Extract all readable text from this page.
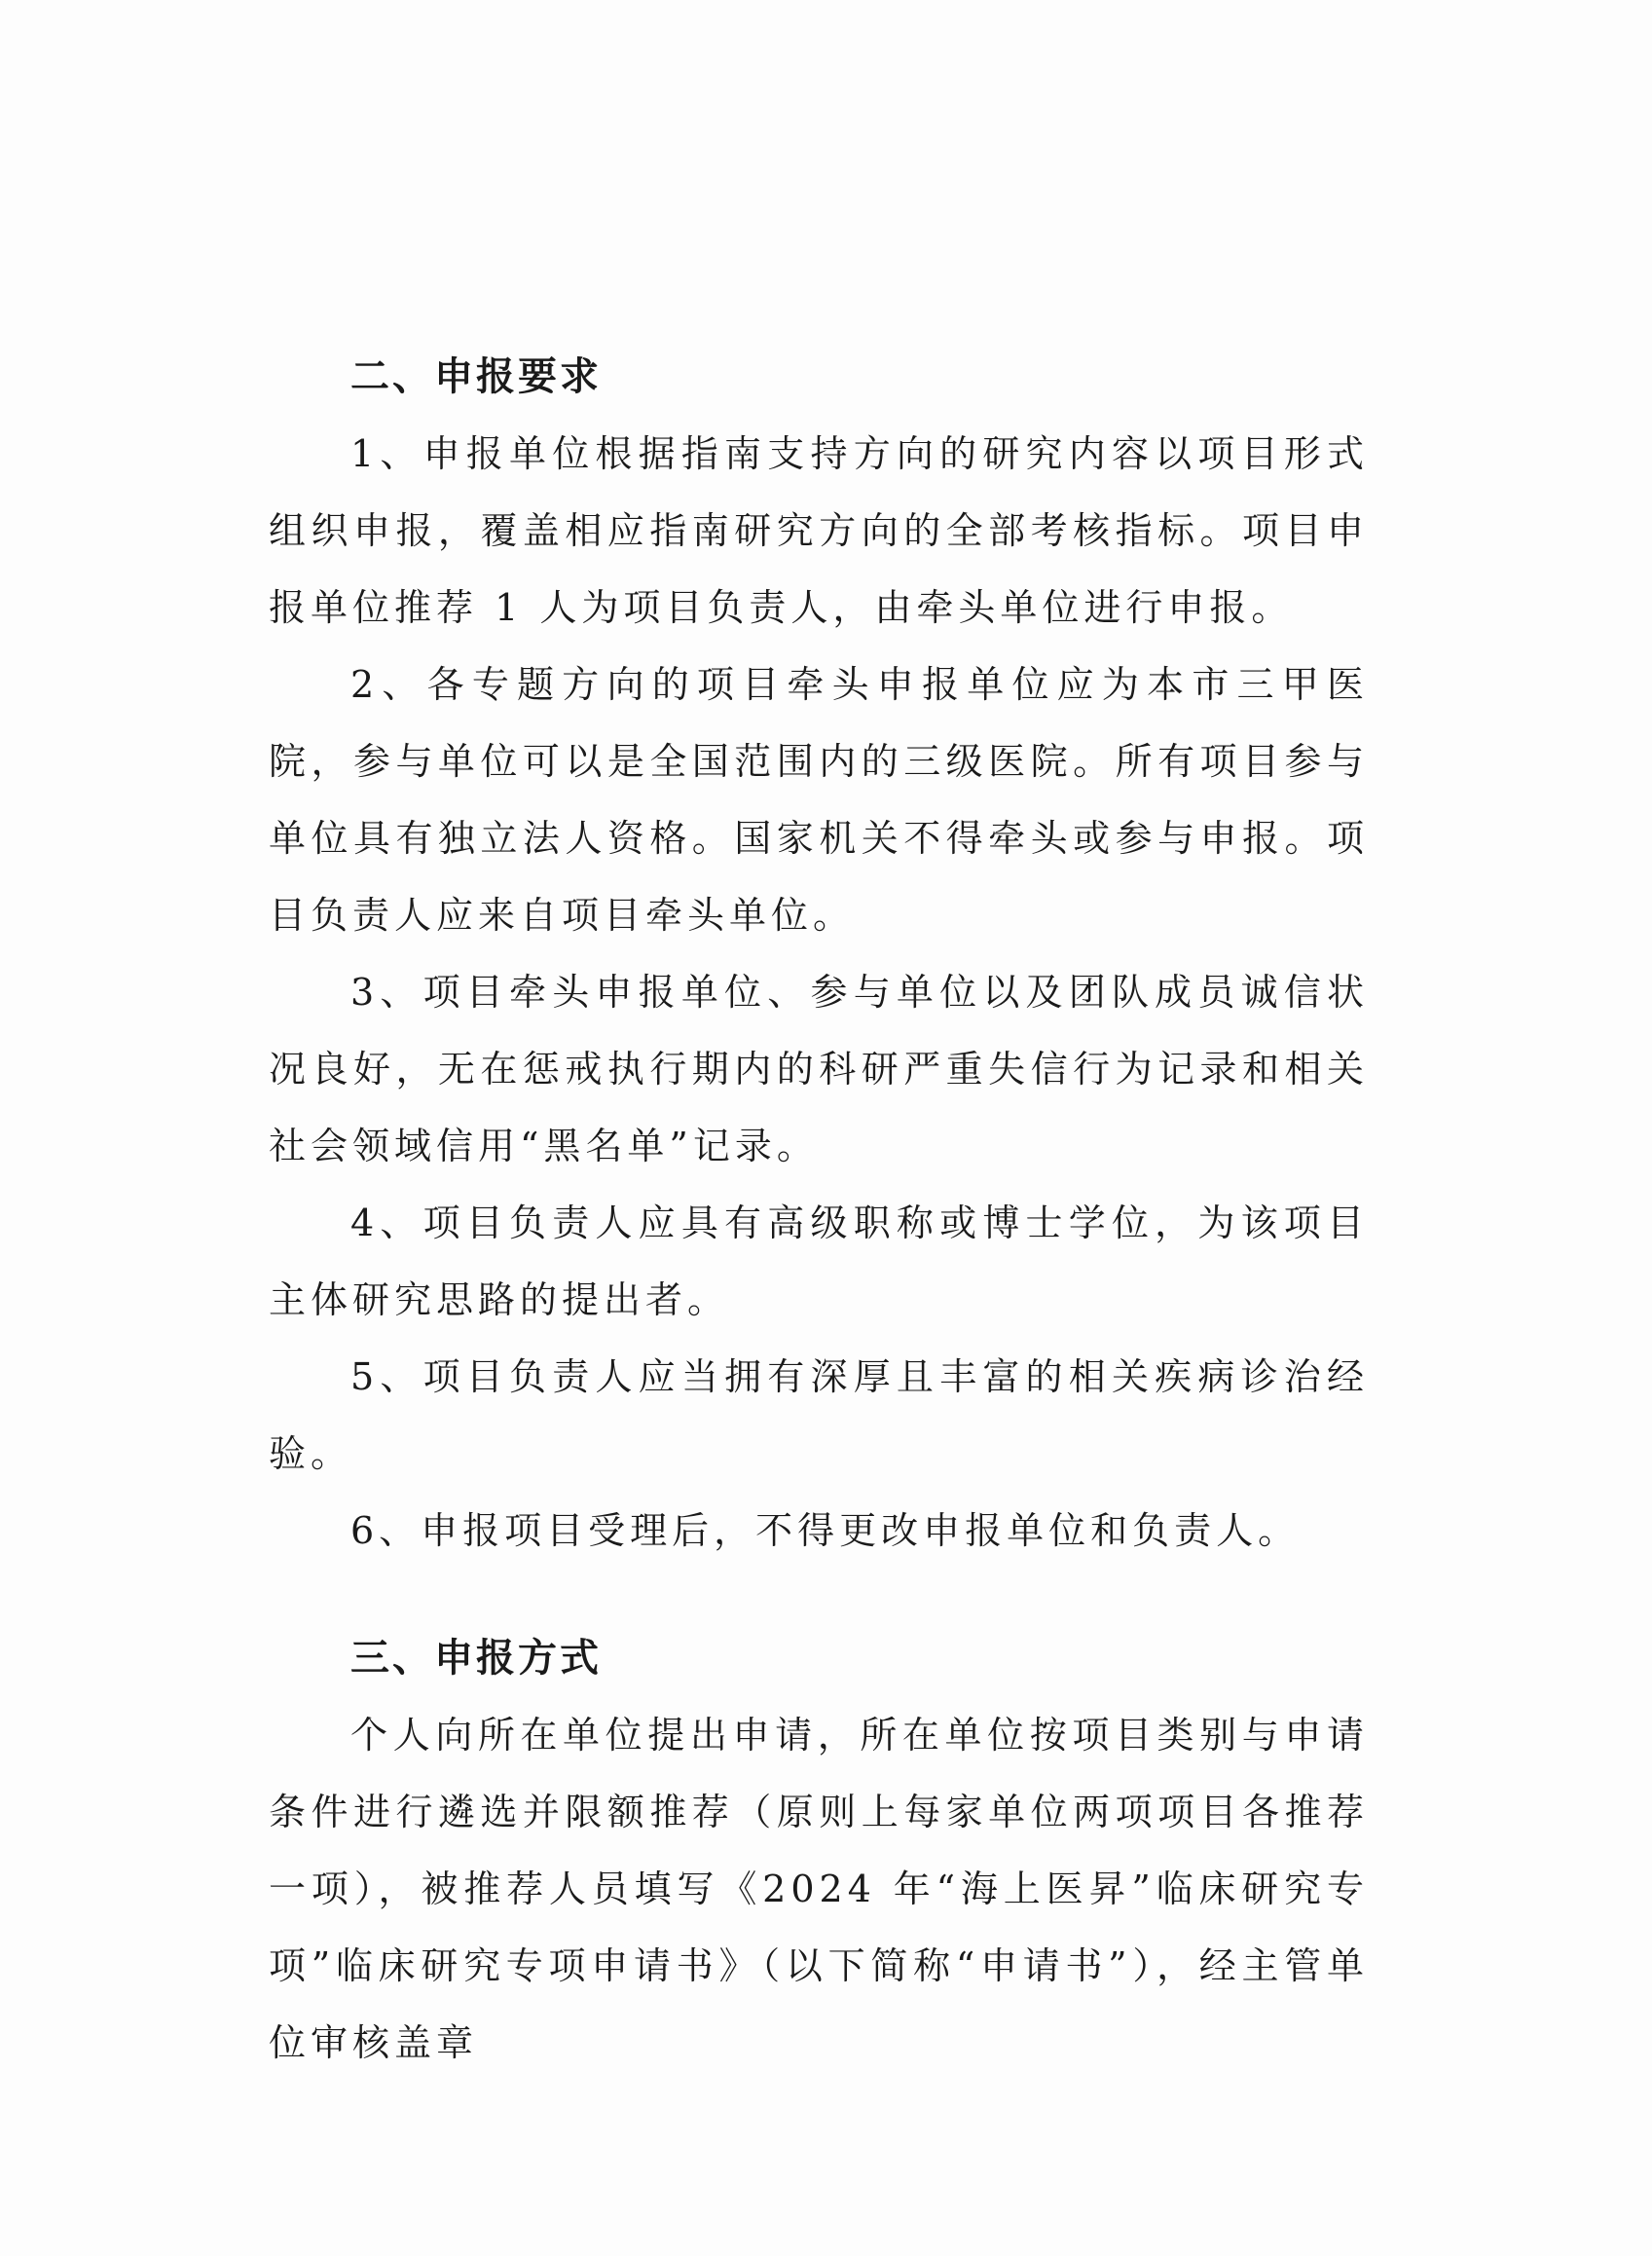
二、申报要求

1、申报单位根据指南支持方向的研究内容以项目形式组织申报，覆盖相应指南研究方向的全部考核指标。项目申报单位推荐 1 人为项目负责人，由牵头单位进行申报。

2、各专题方向的项目牵头申报单位应为本市三甲医院，参与单位可以是全国范围内的三级医院。所有项目参与单位具有独立法人资格。国家机关不得牵头或参与申报。项目负责人应来自项目牵头单位。

3、项目牵头申报单位、参与单位以及团队成员诚信状况良好，无在惩戒执行期内的科研严重失信行为记录和相关社会领域信用“黑名单”记录。

4、项目负责人应具有高级职称或博士学位，为该项目主体研究思路的提出者。

5、项目负责人应当拥有深厚且丰富的相关疾病诊治经验。

6、申报项目受理后，不得更改申报单位和负责人。

三、申报方式

个人向所在单位提出申请，所在单位按项目类别与申请条件进行遴选并限额推荐（原则上每家单位两项项目各推荐一项），被推荐人员填写《2024 年“海上医昇”临床研究专项”临床研究专项申请书》（以下简称“申请书”），经主管单位审核盖章
